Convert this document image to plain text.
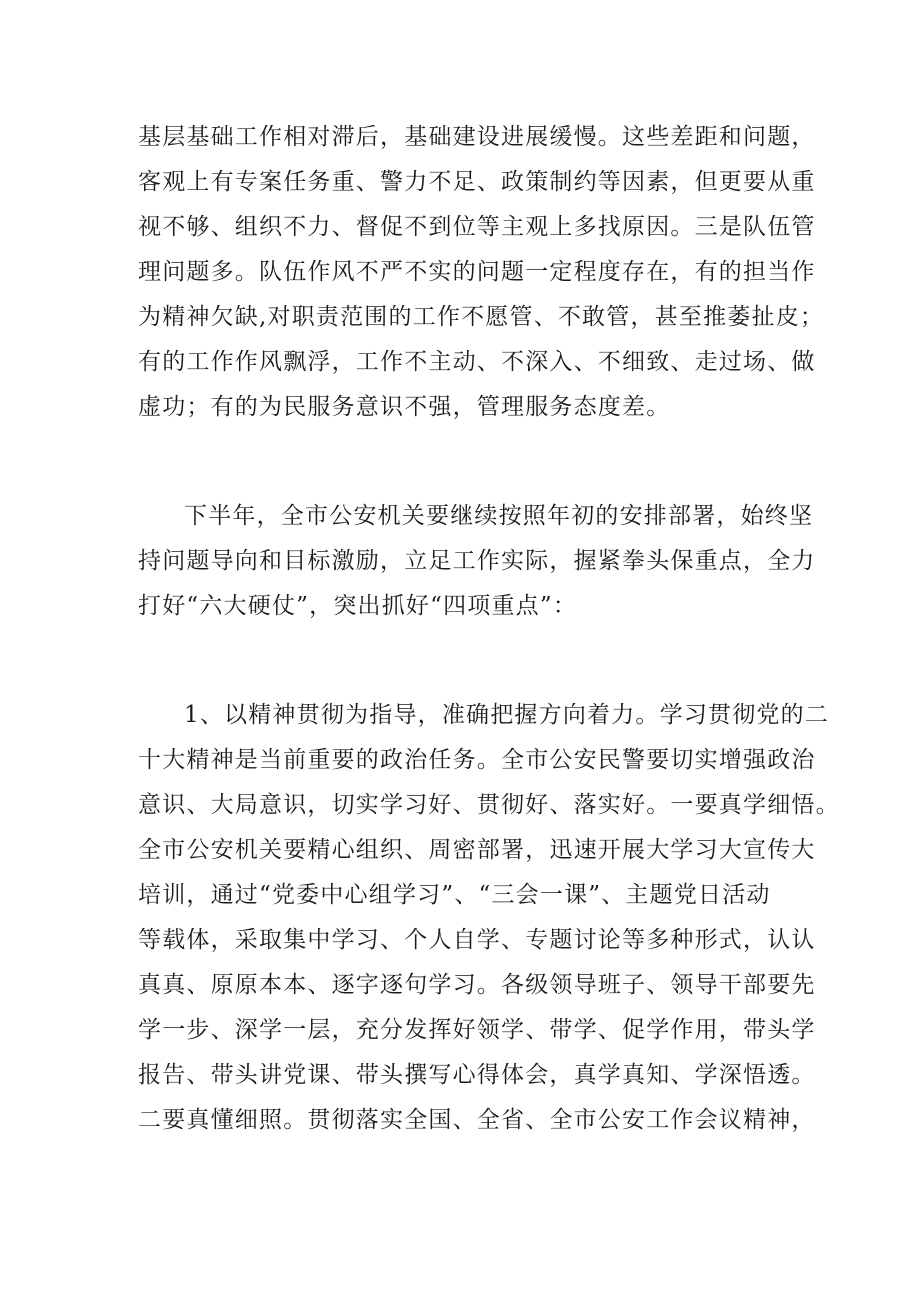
基层基础工作相对滞后，基础建设进展缓慢。这些差距和问题，
客观上有专案任务重、警力不足、政策制约等因素，但更要从重
视不够、组织不力、督促不到位等主观上多找原因。三是队伍管
理问题多。队伍作风不严不实的问题一定程度存在，有的担当作
为精神欠缺,对职责范围的工作不愿管、不敢管，甚至推萎扯皮；
有的工作作风飘浮，工作不主动、不深入、不细致、走过场、做
虚功；有的为民服务意识不强，管理服务态度差。
下半年，全市公安机关要继续按照年初的安排部署，始终坚
持问题导向和目标激励，立足工作实际，握紧拳头保重点，全力
打好“六大硬仗”，突出抓好“四项重点”：
1、以精神贯彻为指导，准确把握方向着力。学习贯彻党的二
十大精神是当前重要的政治任务。全市公安民警要切实增强政治
意识、大局意识，切实学习好、贯彻好、落实好。一要真学细悟。
全市公安机关要精心组织、周密部署，迅速开展大学习大宣传大
培训，通过“党委中心组学习”、“三会一课”、主题党日活动
等载体，采取集中学习、个人自学、专题讨论等多种形式，认认
真真、原原本本、逐字逐句学习。各级领导班子、领导干部要先
学一步、深学一层，充分发挥好领学、带学、促学作用，带头学
报告、带头讲党课、带头撰写心得体会，真学真知、学深悟透。
二要真懂细照。贯彻落实全国、全省、全市公安工作会议精神，
